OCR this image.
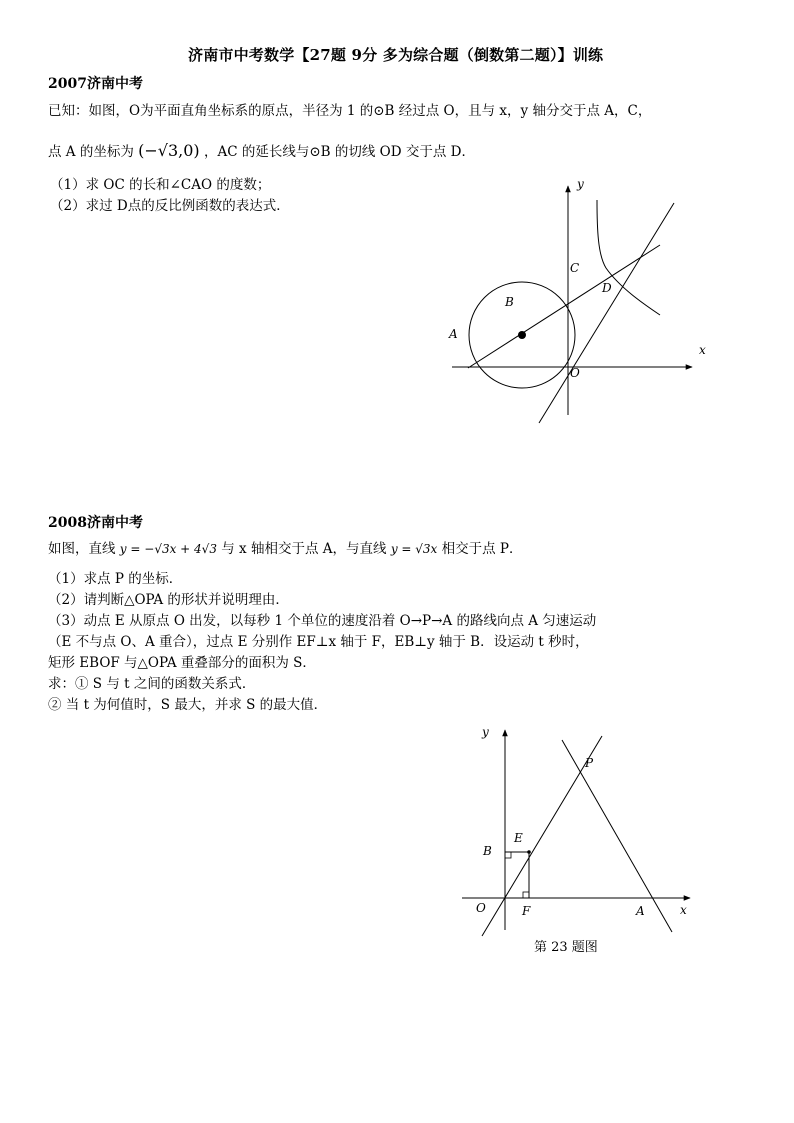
济南市中考数学【27题 9分 多为综合题（倒数第二题）】训练
2007济南中考
已知：如图，O为平面直角坐标系的原点，半径为 1 的⊙B 经过点 O，且与 x，y 轴分交于点 A，C，
点 A 的坐标为 (−√3,0) ，AC 的延长线与⊙B 的切线 OD 交于点 D．
（1）求 OC 的长和∠CAO 的度数；
（2）求过 D点的反比例函数的表达式．
y
x
C
D
B
A
O
2008济南中考
如图，直线 y = −√3x + 4√3 与 x 轴相交于点 A，与直线 y = √3x 相交于点 P．
（1）求点 P 的坐标．
（2）请判断△OPA 的形状并说明理由．
（3）动点 E 从原点 O 出发，以每秒 1 个单位的速度沿着 O→P→A 的路线向点 A 匀速运动
（E 不与点 O、A 重合），过点 E 分别作 EF⊥x 轴于 F，EB⊥y 轴于 B．设运动 t 秒时，
矩形 EBOF 与△OPA 重叠部分的面积为 S．
求：① S 与 t 之间的函数关系式．
② 当 t 为何值时，S 最大，并求 S 的最大值．
y
P
E
B
O	F	A	x
第 23 题图
